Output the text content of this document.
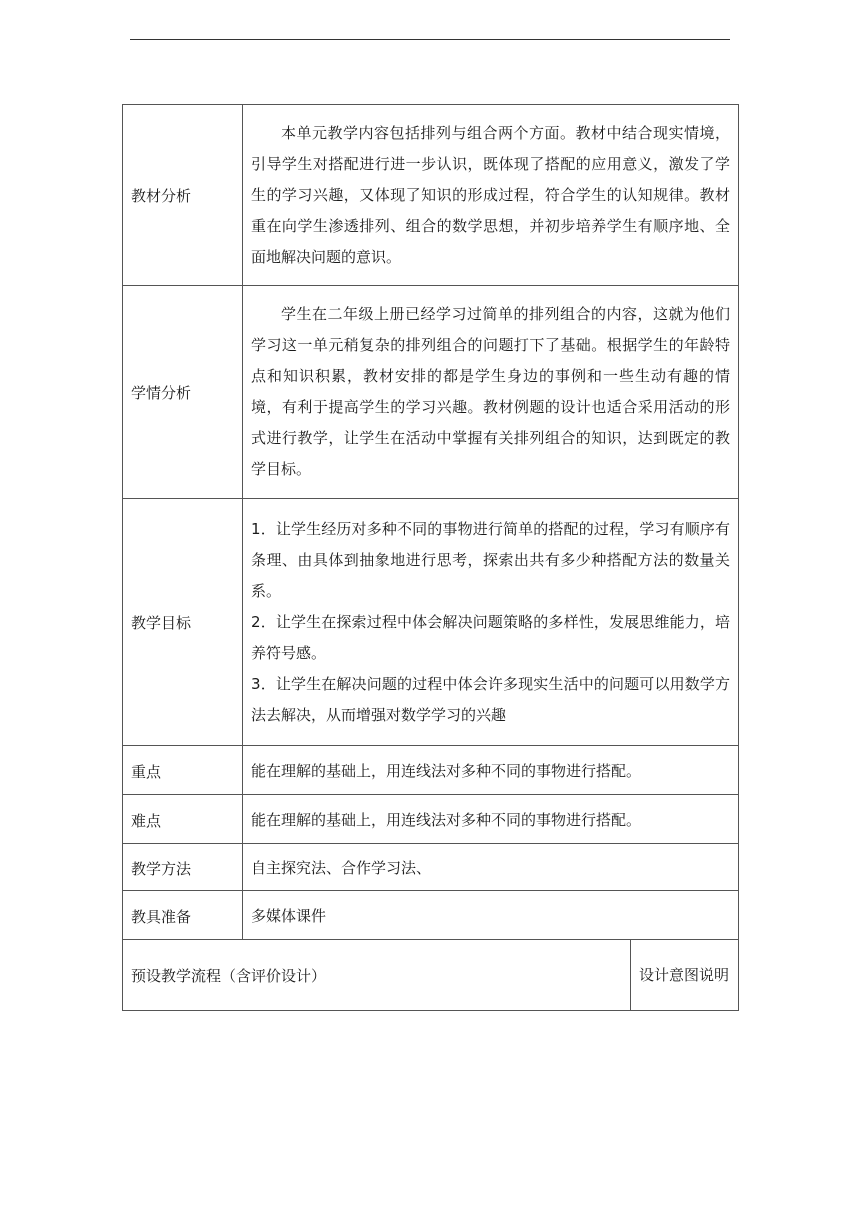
教材分析	本单元教学内容包括排列与组合两个方面。教材中结合现实情境，引导学生对搭配进行进一步认识，既体现了搭配的应用意义，激发了学生的学习兴趣，又体现了知识的形成过程，符合学生的认知规律。教材重在向学生渗透排列、组合的数学思想，并初步培养学生有顺序地、全面地解决问题的意识。	

学情分析	学生在二年级上册已经学习过简单的排列组合的内容，这就为他们学习这一单元稍复杂的排列组合的问题打下了基础。根据学生的年龄特点和知识积累，教材安排的都是学生身边的事例和一些生动有趣的情境，有利于提高学生的学习兴趣。教材例题的设计也适合采用活动的形式进行教学，让学生在活动中掌握有关排列组合的知识，达到既定的教学目标。	

教学目标	1．让学生经历对多种不同的事物进行简单的搭配的过程，学习有顺序有条理、由具体到抽象地进行思考，探索出共有多少种搭配方法的数量关系。

2．让学生在探索过程中体会解决问题策略的多样性，发展思维能力，培养符号感。

3．让学生在解决问题的过程中体会许多现实生活中的问题可以用数学方法去解决，从而增强对数学学习的兴趣	

重点	能在理解的基础上，用连线法对多种不同的事物进行搭配。	
难点	能在理解的基础上，用连线法对多种不同的事物进行搭配。	
教学方法	自主探究法、合作学习法、	
教具准备	多媒体课件	
预设教学流程（含评价设计）		设计意图说明
